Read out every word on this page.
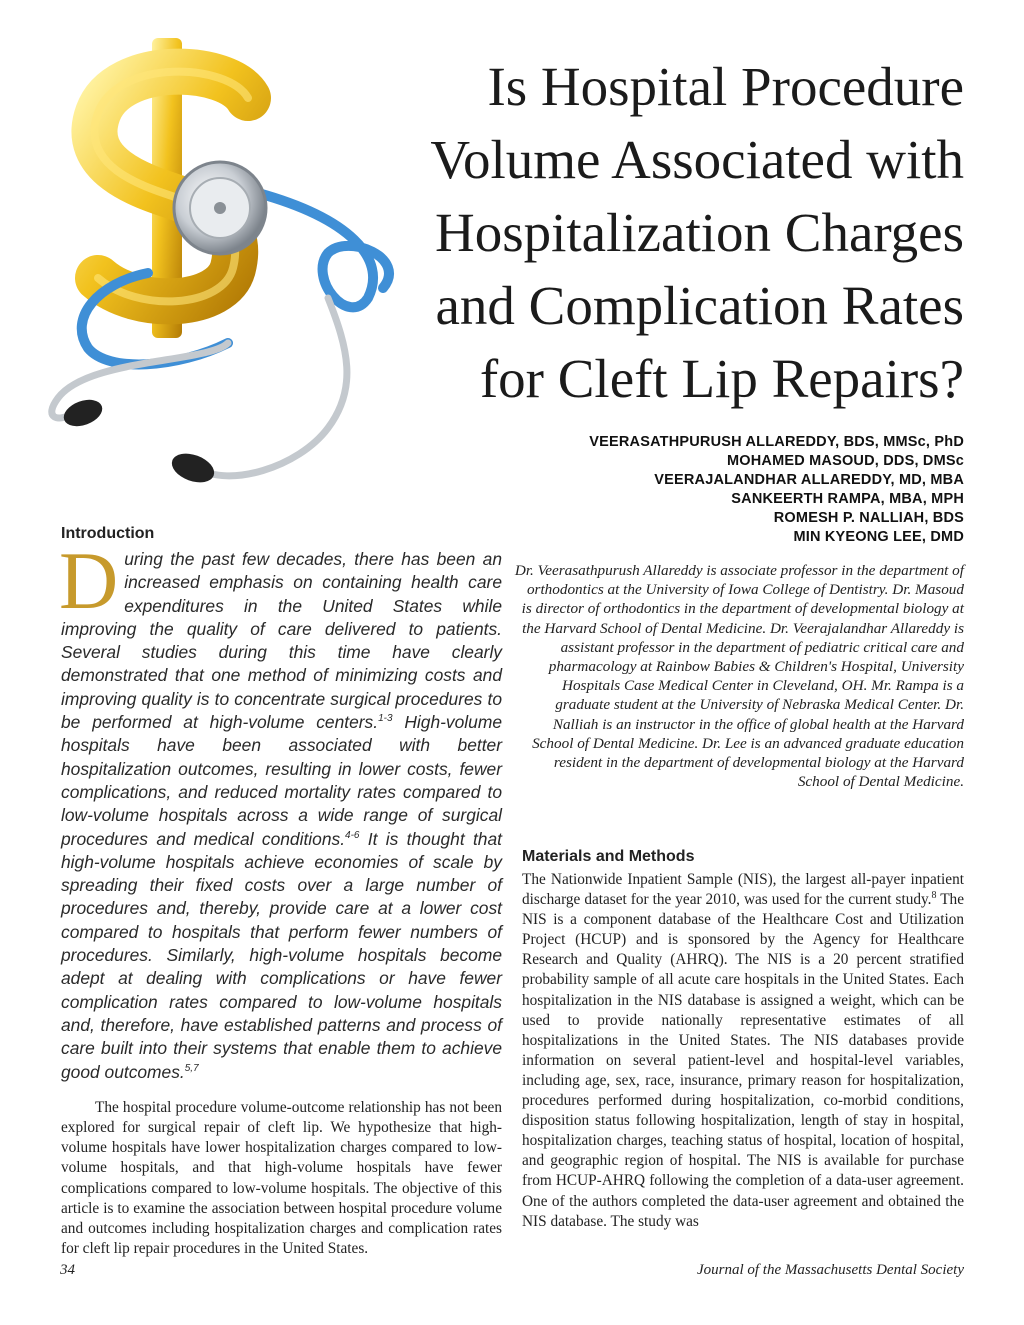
Is Hospital Procedure
Volume Associated with
Hospitalization Charges
and Complication Rates
for Cleft Lip Repairs?
VEERASATHPURUSH ALLAREDDY, BDS, MMSc, PhD
MOHAMED MASOUD, DDS, DMSc
VEERAJALANDHAR ALLAREDDY, MD, MBA
SANKEERTH RAMPA, MBA, MPH
ROMESH P. NALLIAH, BDS
MIN KYEONG LEE, DMD
Dr. Veerasathpurush Allareddy is associate professor in the department of orthodontics at the University of Iowa College of Dentistry. Dr. Masoud is director of orthodontics in the department of developmental biology at the Harvard School of Dental Medicine. Dr. Veerajalandhar Allareddy is assistant professor in the department of pediatric critical care and pharmacology at Rainbow Babies & Children's Hospital, University Hospitals Case Medical Center in Cleveland, OH. Mr. Rampa is a graduate student at the University of Nebraska Medical Center. Dr. Nalliah is an instructor in the office of global health at the Harvard School of Dental Medicine. Dr. Lee is an advanced graduate education resident in the department of developmental biology at the Harvard School of Dental Medicine.
Introduction

During the past few decades, there has been an increased emphasis on containing health care expenditures in the United States while improving the quality of care delivered to patients. Several studies during this time have clearly demonstrated that one method of minimizing costs and improving quality is to concentrate surgical procedures to be performed at high-volume centers.$^{1-3}$ High-volume hospitals have been associated with better hospitalization outcomes, resulting in lower costs, fewer complications, and reduced mortality rates compared to low-volume hospitals across a wide range of surgical procedures and medical conditions.$^{4-6}$ It is thought that high-volume hospitals achieve economies of scale by spreading their fixed costs over a large number of procedures and, thereby, provide care at a lower cost compared to hospitals that perform fewer numbers of procedures. Similarly, high-volume hospitals become adept at dealing with complications or have fewer complication rates compared to low-volume hospitals and, therefore, have established patterns and process of care built into their systems that enable them to achieve good outcomes.$^{5,7}$

The hospital procedure volume-outcome relationship has not been explored for surgical repair of cleft lip. We hypothesize that high-volume hospitals have lower hospitalization charges compared to low-volume hospitals, and that high-volume hospitals have fewer complications compared to low-volume hospitals. The objective of this article is to examine the association between hospital procedure volume and outcomes including hospitalization charges and complication rates for cleft lip repair procedures in the United States.

Materials and Methods

The Nationwide Inpatient Sample (NIS), the largest all-payer inpatient discharge dataset for the year 2010, was used for the current study.$^8$ The NIS is a component database of the Healthcare Cost and Utilization Project (HCUP) and is sponsored by the Agency for Healthcare Research and Quality (AHRQ). The NIS is a 20 percent stratified probability sample of all acute care hospitals in the United States. Each hospitalization in the NIS database is assigned a weight, which can be used to provide nationally representative estimates of all hospitalizations in the United States. The NIS databases provide information on several patient-level and hospital-level variables, including age, sex, race, insurance, primary reason for hospitalization, procedures performed during hospitalization, co-morbid conditions, disposition status following hospitalization, length of stay in hospital, hospitalization charges, teaching status of hospital, location of hospital, and geographic region of hospital. The NIS is available for purchase from HCUP-AHRQ following the completion of a data-user agreement. One of the authors completed the data-user agreement and obtained the NIS database. The study was

34	Journal of the Massachusetts Dental Society
